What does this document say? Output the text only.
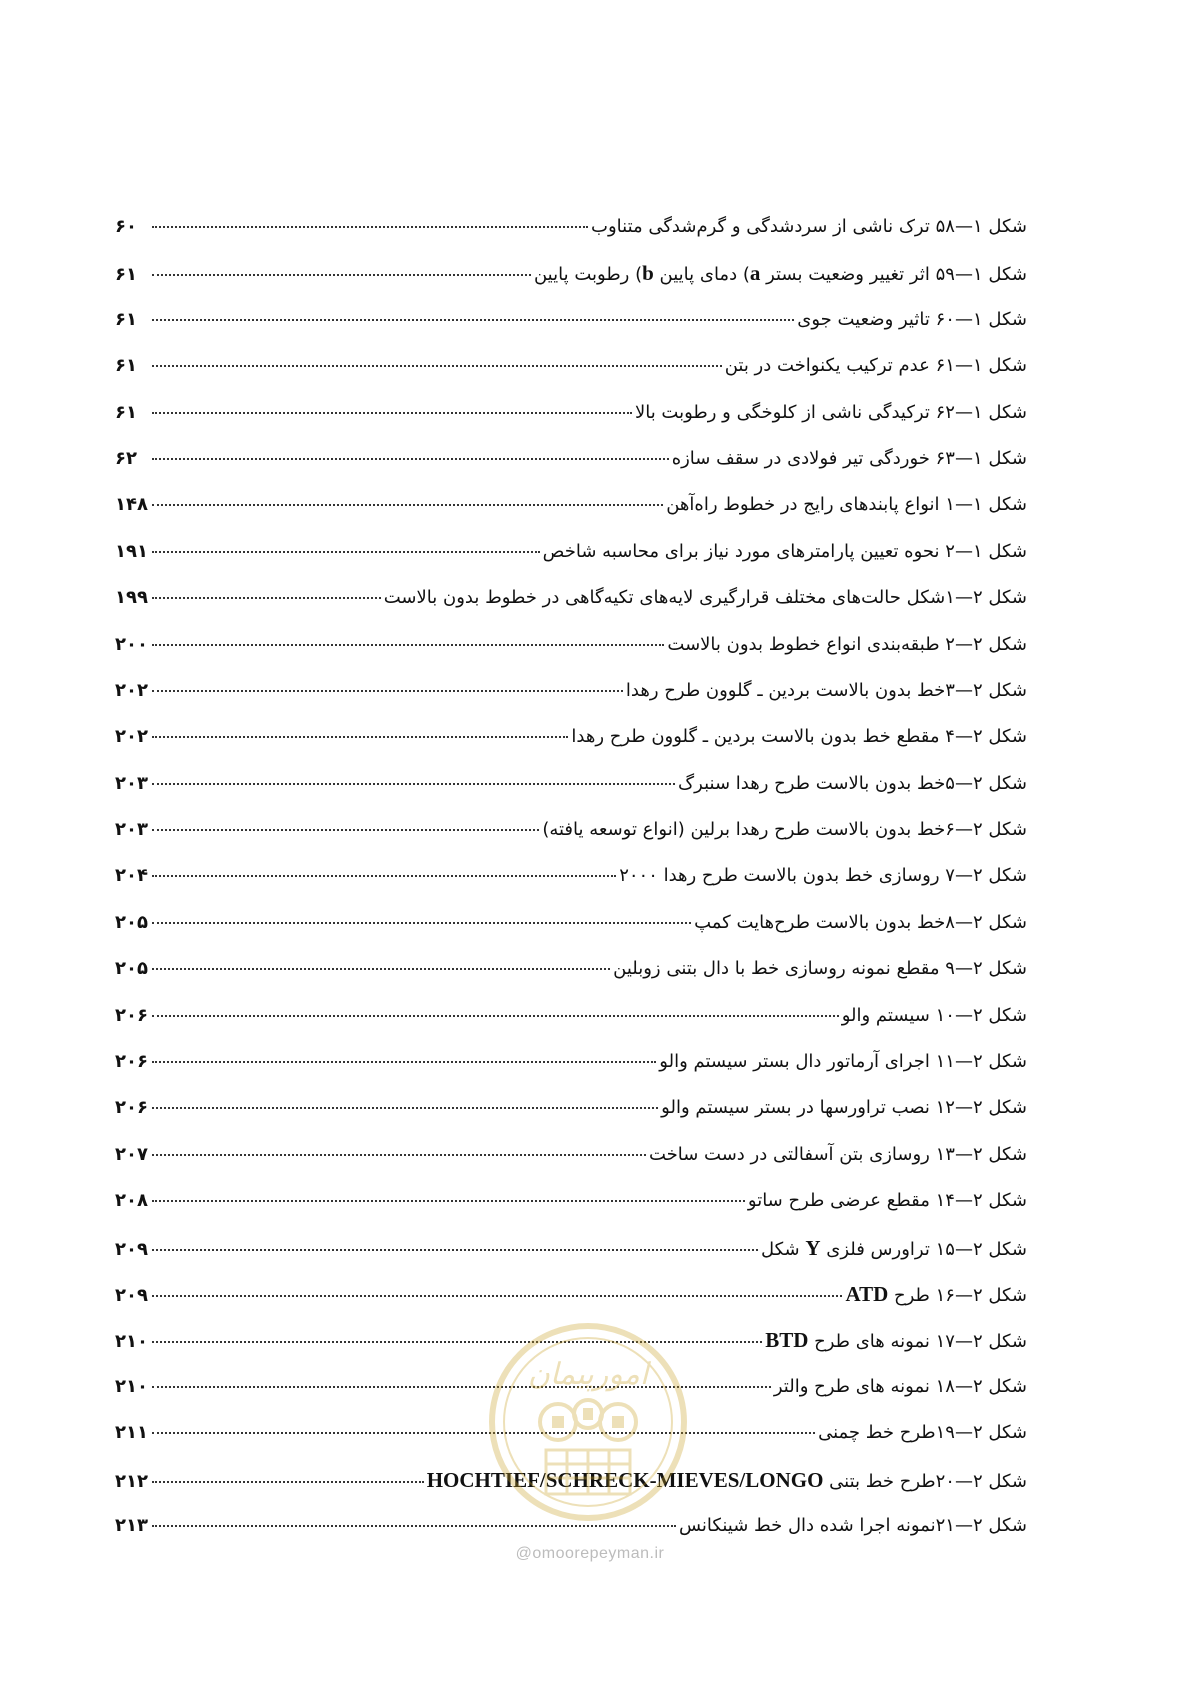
شکل ۱—۵۸ ترک ناشی از سردشدگی و گرم‌شدگی متناوب
۶۰
شکل ۱—۵۹ اثر تغییر وضعیت بستر a) دمای پایین b) رطوبت پایین
۶۱
شکل ۱—۶۰ تاثیر وضعیت جوی
۶۱
شکل ۱—۶۱ عدم ترکیب یکنواخت در بتن
۶۱
شکل ۱—۶۲ ترکیدگی ناشی از کلوخگی و رطوبت بالا
۶۱
شکل ۱—۶۳ خوردگی تیر فولادی در سقف سازه
۶۲
شکل ۱—۱ انواع پابندهای رایج در خطوط راه‌آهن
۱۴۸
شکل ۱—۲ نحوه تعیین پارامترهای مورد نیاز برای محاسبه شاخص
۱۹۱
شکل ۲—۱شکل حالت‌های مختلف قرارگیری لایه‌های تکیه‌گاهی در خطوط بدون بالاست
۱۹۹
شکل ۲—۲ طبقه‌بندی انواع خطوط بدون بالاست
۲۰۰
شکل ۲—۳خط بدون بالاست بردین ـ گلوون طرح رهدا
۲۰۲
شکل ۲—۴ مقطع خط بدون بالاست بردین ـ گلوون طرح رهدا
۲۰۲
شکل ۲—۵خط بدون بالاست طرح رهدا سنبرگ
۲۰۳
شکل ۲—۶خط بدون بالاست طرح رهدا برلین (انواع توسعه یافته)
۲۰۳
شکل ۲—۷ روسازی خط بدون بالاست طرح رهدا ۲۰۰۰
۲۰۴
شکل ۲—۸خط بدون بالاست طرح‌هایت کمپ
۲۰۵
شکل ۲—۹ مقطع نمونه روسازی خط با دال بتنی زوبلین
۲۰۵
شکل ۲—۱۰ سیستم والو
۲۰۶
شکل ۲—۱۱ اجرای آرماتور دال بستر سیستم والو
۲۰۶
شکل ۲—۱۲ نصب تراورسها در بستر سیستم والو
۲۰۶
شکل ۲—۱۳ روسازی بتن آسفالتی در دست ساخت
۲۰۷
شکل ۲—۱۴ مقطع عرضی طرح ساتو
۲۰۸
شکل ۲—۱۵ تراورس فلزی Y شکل
۲۰۹
شکل ۲—۱۶ طرح ATD
۲۰۹
شکل ۲—۱۷ نمونه های طرح BTD
۲۱۰
شکل ۲—۱۸ نمونه های طرح والتر
۲۱۰
شکل ۲—۱۹طرح خط چمنی
۲۱۱
شکل ۲—۲۰طرح خط بتنی HOCHTIEF/SCHRECK-MIEVES/LONGO
۲۱۲
شکل ۲—۲۱نمونه اجرا شده دال خط شینکانس
۲۱۳
امورپیمان
@omoorepeyman.ir
